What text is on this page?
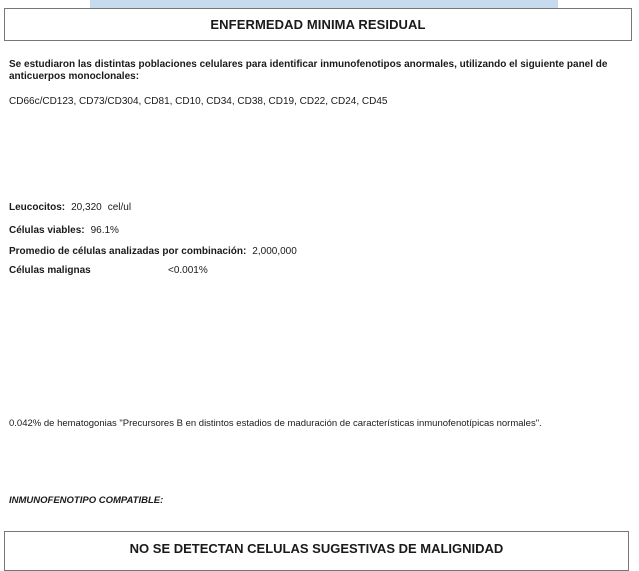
ENFERMEDAD MINIMA RESIDUAL
Se estudiaron las distintas poblaciones celulares para identificar inmunofenotipos anormales, utilizando el siguiente panel de anticuerpos monoclonales:
CD66c/CD123, CD73/CD304, CD81, CD10, CD34, CD38, CD19, CD22, CD24, CD45
Leucocitos: 20,320 cel/ul
Células viables: 96.1%
Promedio de células analizadas por combinación: 2,000,000
Células malignas	<0.001%
0.042% de hematogonias "Precursores B en distintos estadios de maduración de características inmunofenotípicas normales".
INMUNOFENOTIPO COMPATIBLE:
NO SE DETECTAN CELULAS SUGESTIVAS DE MALIGNIDAD
